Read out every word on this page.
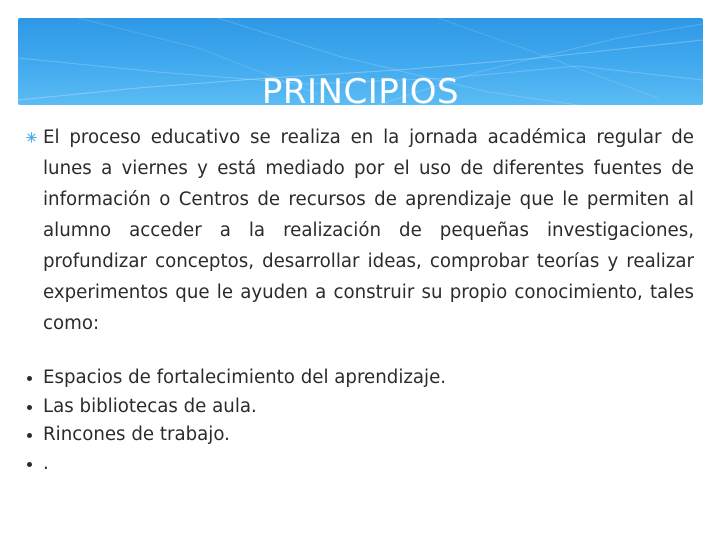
PRINCIPIOS
El proceso educativo se realiza en la jornada académica regular de lunes a viernes y está mediado por el uso de diferentes fuentes de información o Centros de recursos de aprendizaje que le permiten al alumno acceder a la realización de pequeñas investigaciones, profundizar conceptos, desarrollar ideas, comprobar teorías y realizar experimentos que le ayuden a construir su propio conocimiento, tales como:
Espacios de fortalecimiento del aprendizaje.
Las bibliotecas de aula.
Rincones de trabajo.
.
